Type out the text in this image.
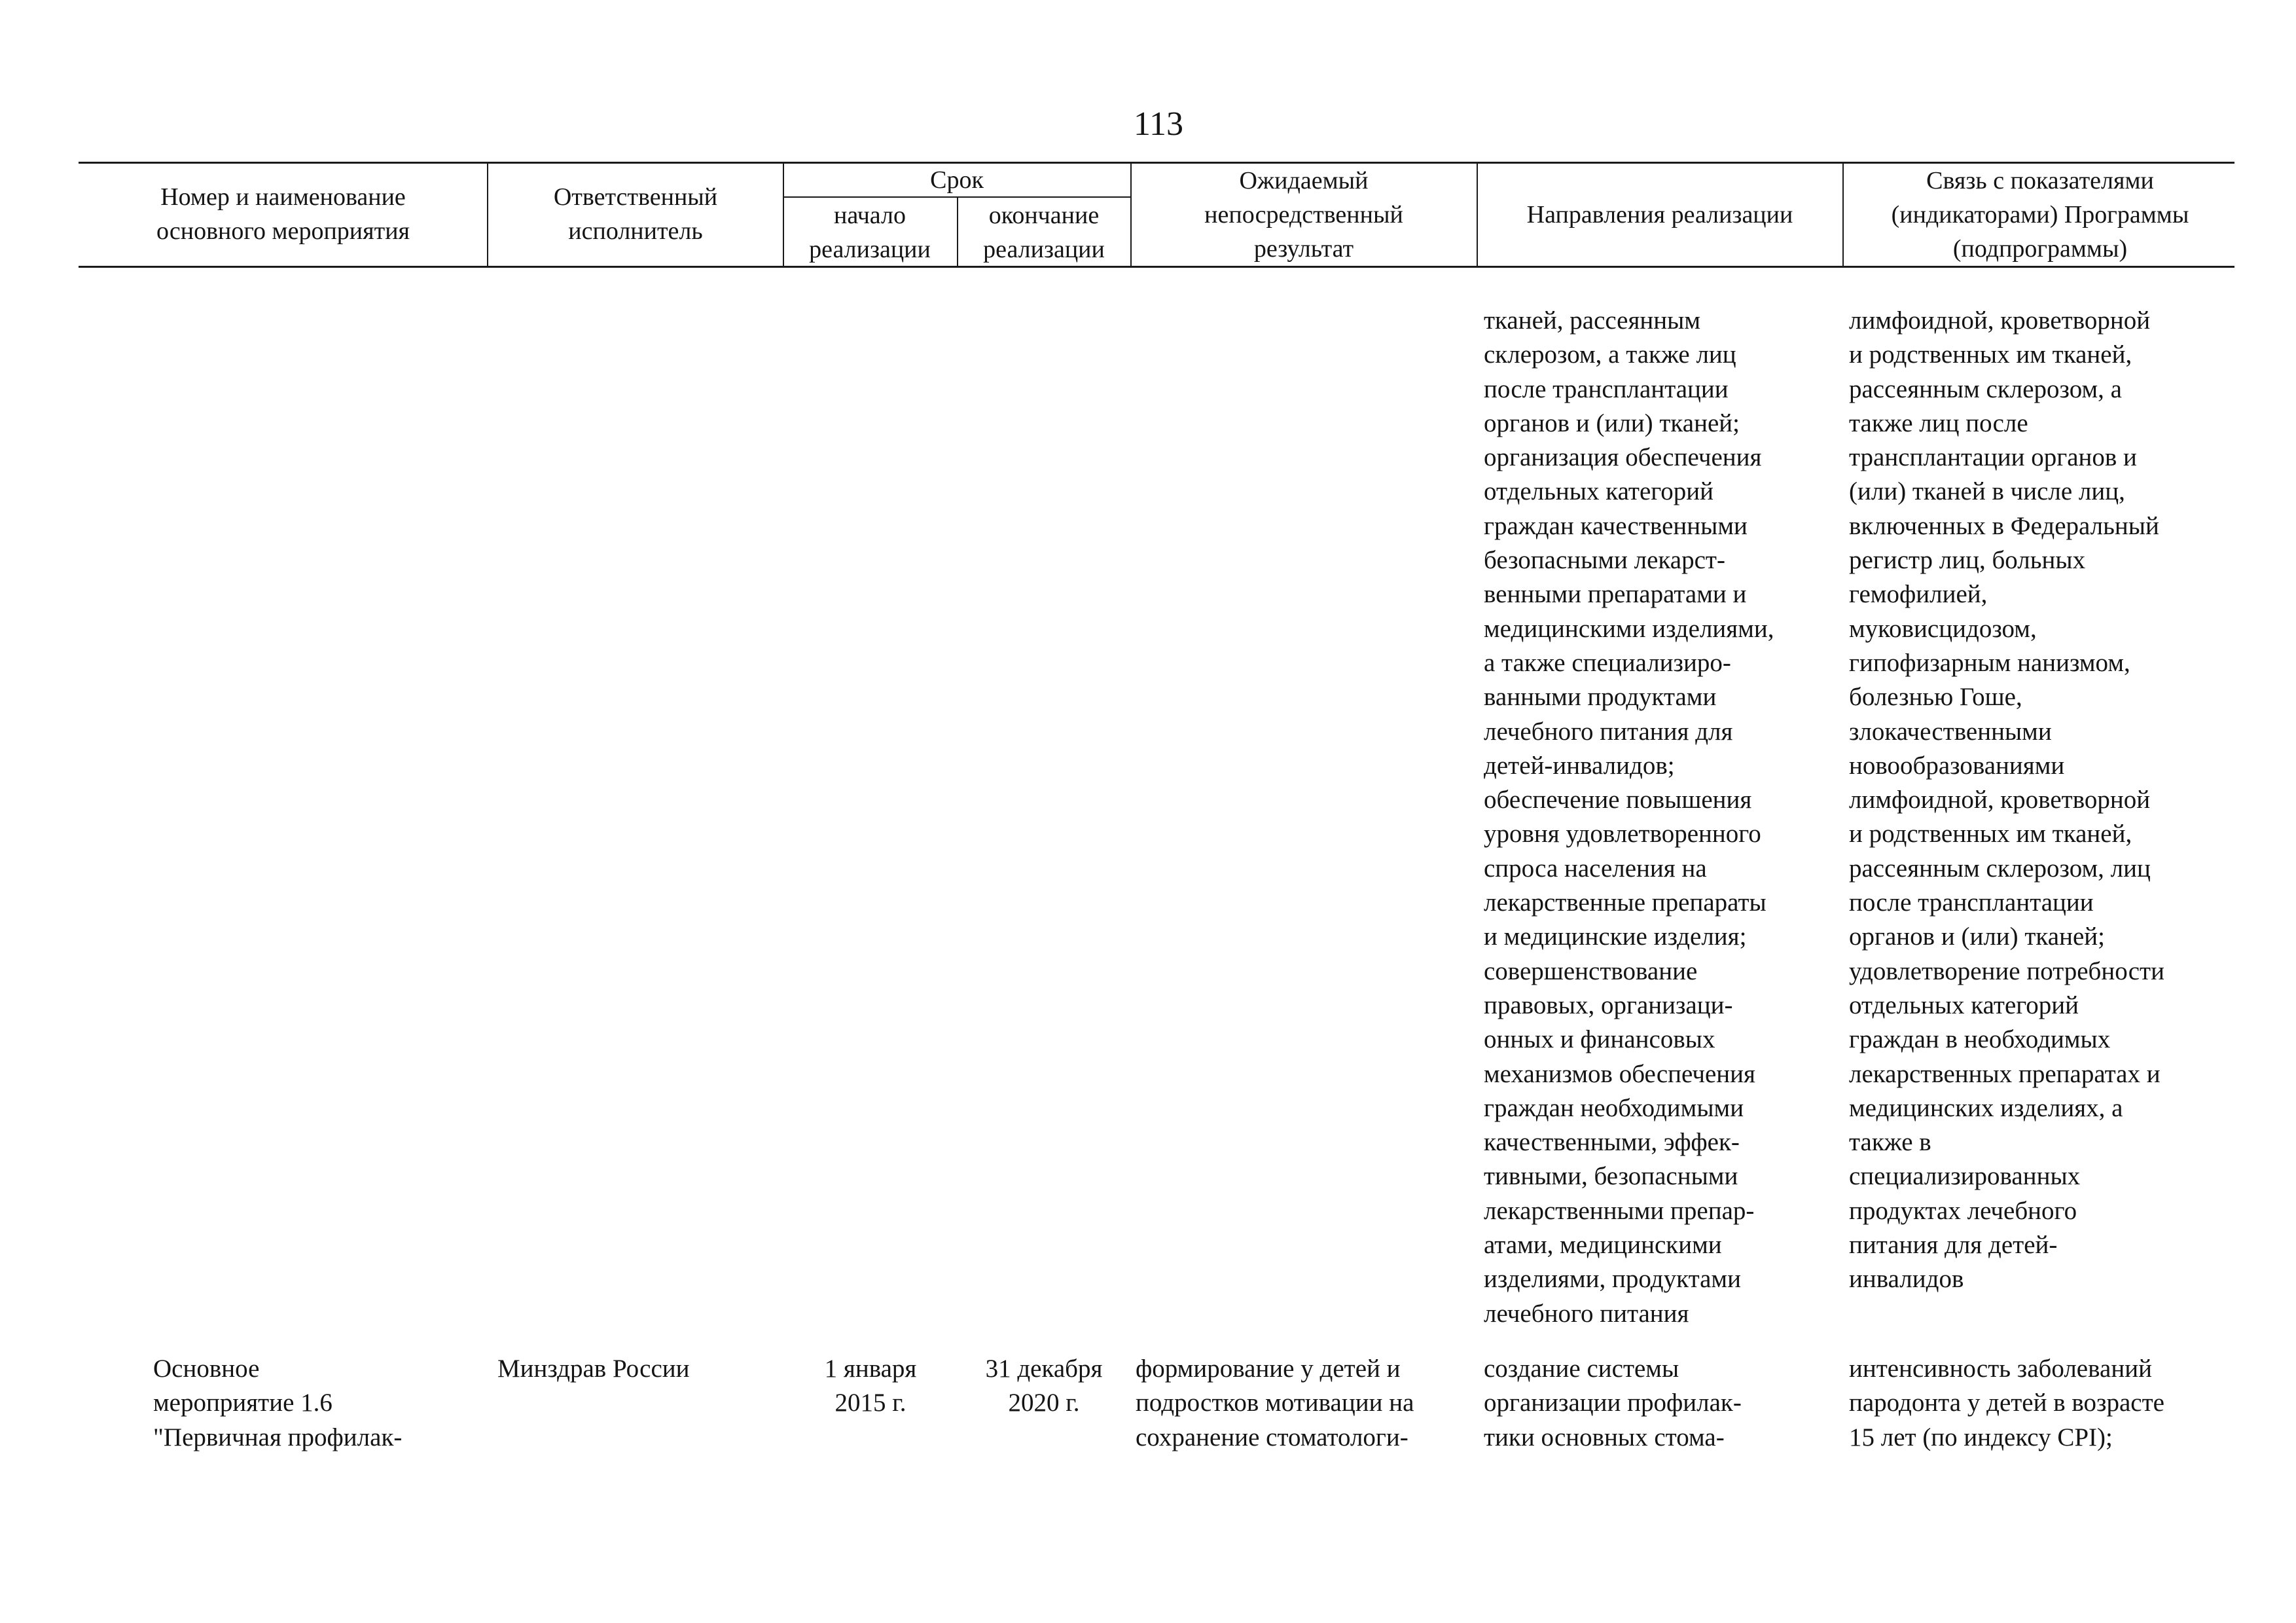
113
Номер и наименование
основного мероприятия
Ответственный
исполнитель
Срок
начало
реализации
окончание
реализации
Ожидаемый
непосредственный
результат
Направления реализации
Связь с показателями
(индикаторами) Программы
(подпрограммы)
тканей, рассеянным
склерозом, а также лиц
после трансплантации
органов и (или) тканей;
организация обеспечения
отдельных категорий
граждан качественными
безопасными лекарст-
венными препаратами и
медицинскими изделиями,
а также специализиро-
ванными продуктами
лечебного питания для
детей-инвалидов;
обеспечение повышения
уровня удовлетворенного
спроса населения на
лекарственные препараты
и медицинские изделия;
совершенствование
правовых, организаци-
онных и финансовых
механизмов обеспечения
граждан необходимыми
качественными, эффек-
тивными, безопасными
лекарственными препар-
атами, медицинскими
изделиями, продуктами
лечебного питания
лимфоидной, кроветворной
и родственных им тканей,
рассеянным склерозом, а
также лиц после
трансплантации органов и
(или) тканей в числе лиц,
включенных в Федеральный
регистр лиц, больных
гемофилией,
муковисцидозом,
гипофизарным нанизмом,
болезнью Гоше,
злокачественными
новообразованиями
лимфоидной, кроветворной
и родственных им тканей,
рассеянным склерозом, лиц
после трансплантации
органов и (или) тканей;
удовлетворение потребности
отдельных категорий
граждан в необходимых
лекарственных препаратах и
медицинских изделиях, а
также в
специализированных
продуктах лечебного
питания для детей-
инвалидов
Основное
мероприятие 1.6
"Первичная профилак-
Минздрав России	1 января
2015 г.
31 декабря
2020 г.
формирование у детей и
подростков мотивации на
сохранение стоматологи-
создание системы
организации профилак-
тики основных стома-
интенсивность заболеваний
пародонта у детей в возрасте
15 лет (по индексу CPI);
